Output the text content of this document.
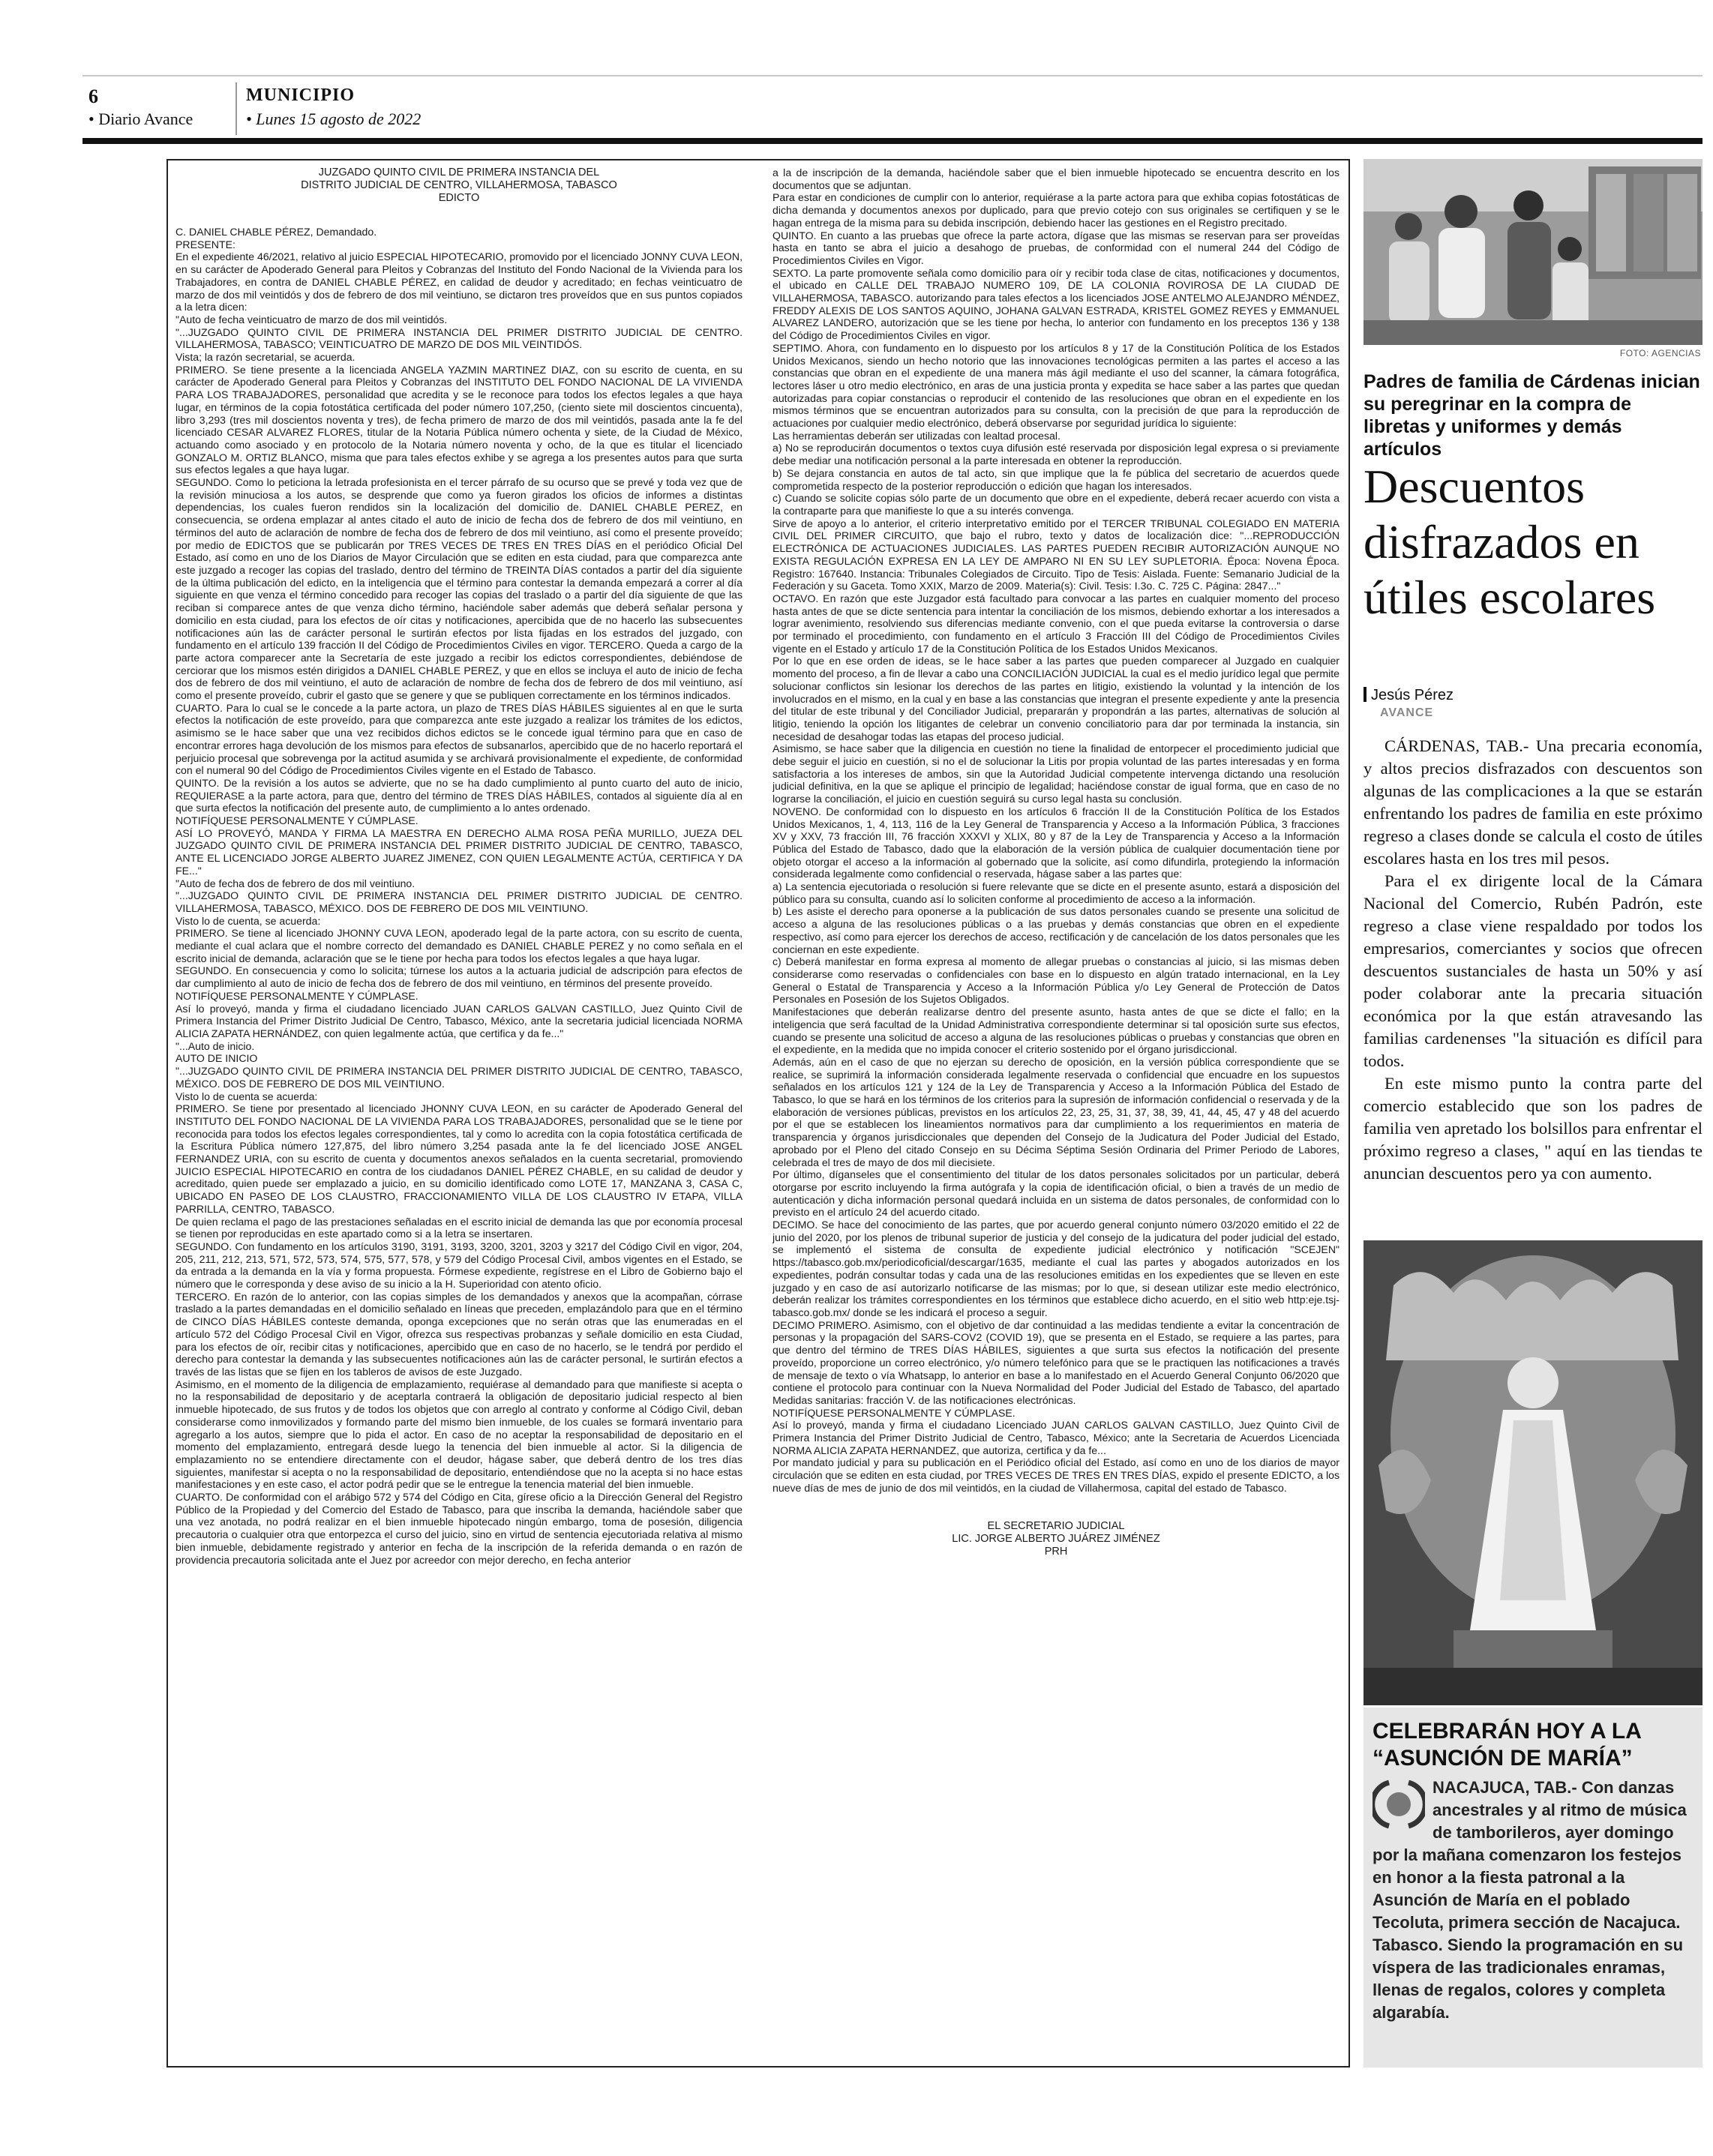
6
• Diario Avance
MUNICIPIO
• Lunes 15 agosto de 2022

JUZGADO QUINTO CIVIL DE PRIMERA INSTANCIA DEL

DISTRITO JUDICIAL DE CENTRO, VILLAHERMOSA, TABASCO

EDICTO

C. DANIEL CHABLE PÉREZ, Demandado.

PRESENTE:

En el expediente 46/2021, relativo al juicio ESPECIAL HIPOTECARIO, promovido por el licenciado JONNY CUVA LEON, en su carácter de Apoderado General para Pleitos y Cobranzas del Instituto del Fondo Nacional de la Vivienda para los Trabajadores, en contra de DANIEL CHABLE PÉREZ, en calidad de deudor y acreditado; en fechas veinticuatro de marzo de dos mil veintidós y dos de febrero de dos mil veintiuno, se dictaron tres proveídos que en sus puntos copiados a la letra dicen:

"Auto de fecha veinticuatro de marzo de dos mil veintidós.

"...JUZGADO QUINTO CIVIL DE PRIMERA INSTANCIA DEL PRIMER DISTRITO JUDICIAL DE CENTRO. VILLAHERMOSA, TABASCO; VEINTICUATRO DE MARZO DE DOS MIL VEINTIDÓS.

Vista; la razón secretarial, se acuerda.

PRIMERO. Se tiene presente a la licenciada ANGELA YAZMIN MARTINEZ DIAZ, con su escrito de cuenta, en su carácter de Apoderado General para Pleitos y Cobranzas del INSTITUTO DEL FONDO NACIONAL DE LA VIVIENDA PARA LOS TRABAJADORES, personalidad que acredita y se le reconoce para todos los efectos legales a que haya lugar, en términos de la copia fotostática certificada del poder número 107,250, (ciento siete mil doscientos cincuenta), libro 3,293 (tres mil doscientos noventa y tres), de fecha primero de marzo de dos mil veintidós, pasada ante la fe del licenciado CESAR ALVAREZ FLORES, titular de la Notaria Pública número ochenta y siete, de la Ciudad de México, actuando como asociado y en protocolo de la Notaria número noventa y ocho, de la que es titular el licenciado GONZALO M. ORTIZ BLANCO, misma que para tales efectos exhibe y se agrega a los presentes autos para que surta sus efectos legales a que haya lugar.

SEGUNDO. Como lo peticiona la letrada profesionista en el tercer párrafo de su ocurso que se prevé y toda vez que de la revisión minuciosa a los autos, se desprende que como ya fueron girados los oficios de informes a distintas dependencias, los cuales fueron rendidos sin la localización del domicilio de. DANIEL CHABLE PEREZ, en consecuencia, se ordena emplazar al antes citado el auto de inicio de fecha dos de febrero de dos mil veintiuno, en términos del auto de aclaración de nombre de fecha dos de febrero de dos mil veintiuno, así como el presente proveído; por medio de EDICTOS que se publicarán por TRES VECES DE TRES EN TRES DÍAS en el periódico Oficial Del Estado, así como en uno de los Diarios de Mayor Circulación que se editen en esta ciudad, para que comparezca ante este juzgado a recoger las copias del traslado, dentro del término de TREINTA DÍAS contados a partir del día siguiente de la última publicación del edicto, en la inteligencia que el término para contestar la demanda empezará a correr al día siguiente en que venza el término concedido para recoger las copias del traslado o a partir del día siguiente de que las reciban si comparece antes de que venza dicho término, haciéndole saber además que deberá señalar persona y domicilio en esta ciudad, para los efectos de oír citas y notificaciones, apercibida que de no hacerlo las subsecuentes notificaciones aún las de carácter personal le surtirán efectos por lista fijadas en los estrados del juzgado, con fundamento en el artículo 139 fracción II del Código de Procedimientos Civiles en vigor. TERCERO. Queda a cargo de la parte actora comparecer ante la Secretaría de este juzgado a recibir los edictos correspondientes, debiéndose de cerciorar que los mismos estén dirigidos a DANIEL CHABLE PEREZ, y que en ellos se incluya el auto de inicio de fecha dos de febrero de dos mil veintiuno, el auto de aclaración de nombre de fecha dos de febrero de dos mil veintiuno, así como el presente proveído, cubrir el gasto que se genere y que se publiquen correctamente en los términos indicados.

CUARTO. Para lo cual se le concede a la parte actora, un plazo de TRES DÍAS HÁBILES siguientes al en que le surta efectos la notificación de este proveído, para que comparezca ante este juzgado a realizar los trámites de los edictos, asimismo se le hace saber que una vez recibidos dichos edictos se le concede igual término para que en caso de encontrar errores haga devolución de los mismos para efectos de subsanarlos, apercibido que de no hacerlo reportará el perjuicio procesal que sobrevenga por la actitud asumida y se archivará provisionalmente el expediente, de conformidad con el numeral 90 del Código de Procedimientos Civiles vigente en el Estado de Tabasco.

QUINTO. De la revisión a los autos se advierte, que no se ha dado cumplimiento al punto cuarto del auto de inicio, REQUIERASE a la parte actora, para que, dentro del término de TRES DÍAS HÁBILES, contados al siguiente día al en que surta efectos la notificación del presente auto, de cumplimiento a lo antes ordenado.

NOTIFÍQUESE PERSONALMENTE Y CÚMPLASE.

ASÍ LO PROVEYÓ, MANDA Y FIRMA LA MAESTRA EN DERECHO ALMA ROSA PEÑA MURILLO, JUEZA DEL JUZGADO QUINTO CIVIL DE PRIMERA INSTANCIA DEL PRIMER DISTRITO JUDICIAL DE CENTRO, TABASCO, ANTE EL LICENCIADO JORGE ALBERTO JUAREZ JIMENEZ, CON QUIEN LEGALMENTE ACTÚA, CERTIFICA Y DA FE..."

"Auto de fecha dos de febrero de dos mil veintiuno.

"...JUZGADO QUINTO CIVIL DE PRIMERA INSTANCIA DEL PRIMER DISTRITO JUDICIAL DE CENTRO. VILLAHERMOSA, TABASCO, MÉXICO. DOS DE FEBRERO DE DOS MIL VEINTIUNO.

Visto lo de cuenta, se acuerda:

PRIMERO. Se tiene al licenciado JHONNY CUVA LEON, apoderado legal de la parte actora, con su escrito de cuenta, mediante el cual aclara que el nombre correcto del demandado es DANIEL CHABLE PEREZ y no como señala en el escrito inicial de demanda, aclaración que se le tiene por hecha para todos los efectos legales a que haya lugar.

SEGUNDO. En consecuencia y como lo solicita; túrnese los autos a la actuaria judicial de adscripción para efectos de dar cumplimiento al auto de inicio de fecha dos de febrero de dos mil veintiuno, en términos del presente proveído.

NOTIFÍQUESE PERSONALMENTE Y CÚMPLASE.

Así lo proveyó, manda y firma el ciudadano licenciado JUAN CARLOS GALVAN CASTILLO, Juez Quinto Civil de Primera Instancia del Primer Distrito Judicial De Centro, Tabasco, México, ante la secretaria judicial licenciada NORMA ALICIA ZAPATA HERNÁNDEZ, con quien legalmente actúa, que certifica y da fe..."

"...Auto de inicio.

AUTO DE INICIO

"...JUZGADO QUINTO CIVIL DE PRIMERA INSTANCIA DEL PRIMER DISTRITO JUDICIAL DE CENTRO, TABASCO, MÉXICO. DOS DE FEBRERO DE DOS MIL VEINTIUNO.

Visto lo de cuenta se acuerda:

PRIMERO. Se tiene por presentado al licenciado JHONNY CUVA LEON, en su carácter de Apoderado General del INSTITUTO DEL FONDO NACIONAL DE LA VIVIENDA PARA LOS TRABAJADORES, personalidad que se le tiene por reconocida para todos los efectos legales correspondientes, tal y como lo acredita con la copia fotostática certificada de la Escritura Pública número 127,875, del libro número 3,254 pasada ante la fe del licenciado JOSE ANGEL FERNANDEZ URIA, con su escrito de cuenta y documentos anexos señalados en la cuenta secretarial, promoviendo JUICIO ESPECIAL HIPOTECARIO en contra de los ciudadanos DANIEL PÉREZ CHABLE, en su calidad de deudor y acreditado, quien puede ser emplazado a juicio, en su domicilio identificado como LOTE 17, MANZANA 3, CASA C, UBICADO EN PASEO DE LOS CLAUSTRO, FRACCIONAMIENTO VILLA DE LOS CLAUSTRO IV ETAPA, VILLA PARRILLA, CENTRO, TABASCO.

De quien reclama el pago de las prestaciones señaladas en el escrito inicial de demanda las que por economía procesal se tienen por reproducidas en este apartado como si a la letra se insertaren.

SEGUNDO. Con fundamento en los artículos 3190, 3191, 3193, 3200, 3201, 3203 y 3217 del Código Civil en vigor, 204, 205, 211, 212, 213, 571, 572, 573, 574, 575, 577, 578, y 579 del Código Procesal Civil, ambos vigentes en el Estado, se da entrada a la demanda en la vía y forma propuesta. Fórmese expediente, regístrese en el Libro de Gobierno bajo el número que le corresponda y dese aviso de su inicio a la H. Superioridad con atento oficio.

TERCERO. En razón de lo anterior, con las copias simples de los demandados y anexos que la acompañan, córrase traslado a la partes demandadas en el domicilio señalado en líneas que preceden, emplazándolo para que en el término de CINCO DÍAS HÁBILES conteste demanda, oponga excepciones que no serán otras que las enumeradas en el artículo 572 del Código Procesal Civil en Vigor, ofrezca sus respectivas probanzas y señale domicilio en esta Ciudad, para los efectos de oír, recibir citas y notificaciones, apercibido que en caso de no hacerlo, se le tendrá por perdido el derecho para contestar la demanda y las subsecuentes notificaciones aún las de carácter personal, le surtirán efectos a través de las listas que se fijen en los tableros de avisos de este Juzgado.

Asimismo, en el momento de la diligencia de emplazamiento, requiérase al demandado para que manifieste si acepta o no la responsabilidad de depositario y de aceptarla contraerá la obligación de depositario judicial respecto al bien inmueble hipotecado, de sus frutos y de todos los objetos que con arreglo al contrato y conforme al Código Civil, deban considerarse como inmovilizados y formando parte del mismo bien inmueble, de los cuales se formará inventario para agregarlo a los autos, siempre que lo pida el actor. En caso de no aceptar la responsabilidad de depositario en el momento del emplazamiento, entregará desde luego la tenencia del bien inmueble al actor. Si la diligencia de emplazamiento no se entendiere directamente con el deudor, hágase saber, que deberá dentro de los tres días siguientes, manifestar si acepta o no la responsabilidad de depositario, entendiéndose que no la acepta si no hace estas manifestaciones y en este caso, el actor podrá pedir que se le entregue la tenencia material del bien inmueble.

CUARTO. De conformidad con el arábigo 572 y 574 del Código en Cita, gírese oficio a la Dirección General del Registro Público de la Propiedad y del Comercio del Estado de Tabasco, para que inscriba la demanda, haciéndole saber que una vez anotada, no podrá realizar en el bien inmueble hipotecado ningún embargo, toma de posesión, diligencia precautoria o cualquier otra que entorpezca el curso del juicio, sino en virtud de sentencia ejecutoriada relativa al mismo bien inmueble, debidamente registrado y anterior en fecha de la inscripción de la referida demanda o en razón de providencia precautoria solicitada ante el Juez por acreedor con mejor derecho, en fecha anterior

a la de inscripción de la demanda, haciéndole saber que el bien inmueble hipotecado se encuentra descrito en los documentos que se adjuntan.

Para estar en condiciones de cumplir con lo anterior, requiérase a la parte actora para que exhiba copias fotostáticas de dicha demanda y documentos anexos por duplicado, para que previo cotejo con sus originales se certifiquen y se le hagan entrega de la misma para su debida inscripción, debiendo hacer las gestiones en el Registro precitado.

QUINTO. En cuanto a las pruebas que ofrece la parte actora, dígase que las mismas se reservan para ser proveídas hasta en tanto se abra el juicio a desahogo de pruebas, de conformidad con el numeral 244 del Código de Procedimientos Civiles en Vigor.

SEXTO. La parte promovente señala como domicilio para oír y recibir toda clase de citas, notificaciones y documentos, el ubicado en CALLE DEL TRABAJO NUMERO 109, DE LA COLONIA ROVIROSA DE LA CIUDAD DE VILLAHERMOSA, TABASCO. autorizando para tales efectos a los licenciados JOSE ANTELMO ALEJANDRO MÉNDEZ, FREDDY ALEXIS DE LOS SANTOS AQUINO, JOHANA GALVAN ESTRADA, KRISTEL GOMEZ REYES y EMMANUEL ALVAREZ LANDERO, autorización que se les tiene por hecha, lo anterior con fundamento en los preceptos 136 y 138 del Código de Procedimientos Civiles en vigor.

SEPTIMO. Ahora, con fundamento en lo dispuesto por los artículos 8 y 17 de la Constitución Política de los Estados Unidos Mexicanos, siendo un hecho notorio que las innovaciones tecnológicas permiten a las partes el acceso a las constancias que obran en el expediente de una manera más ágil mediante el uso del scanner, la cámara fotográfica, lectores láser u otro medio electrónico, en aras de una justicia pronta y expedita se hace saber a las partes que quedan autorizadas para copiar constancias o reproducir el contenido de las resoluciones que obran en el expediente en los mismos términos que se encuentran autorizados para su consulta, con la precisión de que para la reproducción de actuaciones por cualquier medio electrónico, deberá observarse por seguridad jurídica lo siguiente:

Las herramientas deberán ser utilizadas con lealtad procesal.

a) No se reproducirán documentos o textos cuya difusión esté reservada por disposición legal expresa o si previamente debe mediar una notificación personal a la parte interesada en obtener la reproducción.

b) Se dejara constancia en autos de tal acto, sin que implique que la fe pública del secretario de acuerdos quede comprometida respecto de la posterior reproducción o edición que hagan los interesados.

c) Cuando se solicite copias sólo parte de un documento que obre en el expediente, deberá recaer acuerdo con vista a la contraparte para que manifieste lo que a su interés convenga.

Sirve de apoyo a lo anterior, el criterio interpretativo emitido por el TERCER TRIBUNAL COLEGIADO EN MATERIA CIVIL DEL PRIMER CIRCUITO, que bajo el rubro, texto y datos de localización dice: "...REPRODUCCIÓN ELECTRÓNICA DE ACTUACIONES JUDICIALES. LAS PARTES PUEDEN RECIBIR AUTORIZACIÓN AUNQUE NO EXISTA REGULACIÓN EXPRESA EN LA LEY DE AMPARO NI EN SU LEY SUPLETORIA. Época: Novena Época. Registro: 167640. Instancia: Tribunales Colegiados de Circuito. Tipo de Tesis: Aislada. Fuente: Semanario Judicial de la Federación y su Gaceta. Tomo XXIX, Marzo de 2009. Materia(s): Civil. Tesis: I.3o. C. 725 C. Página: 2847..."

OCTAVO. En razón que este Juzgador está facultado para convocar a las partes en cualquier momento del proceso hasta antes de que se dicte sentencia para intentar la conciliación de los mismos, debiendo exhortar a los interesados a lograr avenimiento, resolviendo sus diferencias mediante convenio, con el que pueda evitarse la controversia o darse por terminado el procedimiento, con fundamento en el artículo 3 Fracción III del Código de Procedimientos Civiles vigente en el Estado y artículo 17 de la Constitución Política de los Estados Unidos Mexicanos.

Por lo que en ese orden de ideas, se le hace saber a las partes que pueden comparecer al Juzgado en cualquier momento del proceso, a fin de llevar a cabo una CONCILIACIÓN JUDICIAL la cual es el medio jurídico legal que permite solucionar conflictos sin lesionar los derechos de las partes en litigio, existiendo la voluntad y la intención de los involucrados en el mismo, en la cual y en base a las constancias que integran el presente expediente y ante la presencia del titular de este tribunal y del Conciliador Judicial, prepararán y propondrán a las partes, alternativas de solución al litigio, teniendo la opción los litigantes de celebrar un convenio conciliatorio para dar por terminada la instancia, sin necesidad de desahogar todas las etapas del proceso judicial.

Asimismo, se hace saber que la diligencia en cuestión no tiene la finalidad de entorpecer el procedimiento judicial que debe seguir el juicio en cuestión, si no el de solucionar la Litis por propia voluntad de las partes interesadas y en forma satisfactoria a los intereses de ambos, sin que la Autoridad Judicial competente intervenga dictando una resolución judicial definitiva, en la que se aplique el principio de legalidad; haciéndose constar de igual forma, que en caso de no lograrse la conciliación, el juicio en cuestión seguirá su curso legal hasta su conclusión.

NOVENO. De conformidad con lo dispuesto en los artículos 6 fracción II de la Constitución Política de los Estados Unidos Mexicanos, 1, 4, 113, 116 de la Ley General de Transparencia y Acceso a la Información Pública, 3 fracciones XV y XXV, 73 fracción III, 76 fracción XXXVI y XLIX, 80 y 87 de la Ley de Transparencia y Acceso a la Información Pública del Estado de Tabasco, dado que la elaboración de la versión pública de cualquier documentación tiene por objeto otorgar el acceso a la información al gobernado que la solicite, así como difundirla, protegiendo la información considerada legalmente como confidencial o reservada, hágase saber a las partes que:

a) La sentencia ejecutoriada o resolución si fuere relevante que se dicte en el presente asunto, estará a disposición del público para su consulta, cuando así lo soliciten conforme al procedimiento de acceso a la información.

b) Les asiste el derecho para oponerse a la publicación de sus datos personales cuando se presente una solicitud de acceso a alguna de las resoluciones públicas o a las pruebas y demás constancias que obren en el expediente respectivo, así como para ejercer los derechos de acceso, rectificación y de cancelación de los datos personales que les conciernan en este expediente.

c) Deberá manifestar en forma expresa al momento de allegar pruebas o constancias al juicio, si las mismas deben considerarse como reservadas o confidenciales con base en lo dispuesto en algún tratado internacional, en la Ley General o Estatal de Transparencia y Acceso a la Información Pública y/o Ley General de Protección de Datos Personales en Posesión de los Sujetos Obligados.

Manifestaciones que deberán realizarse dentro del presente asunto, hasta antes de que se dicte el fallo; en la inteligencia que será facultad de la Unidad Administrativa correspondiente determinar si tal oposición surte sus efectos, cuando se presente una solicitud de acceso a alguna de las resoluciones públicas o pruebas y constancias que obren en el expediente, en la medida que no impida conocer el criterio sostenido por el órgano jurisdiccional.

Además, aún en el caso de que no ejerzan su derecho de oposición, en la versión pública correspondiente que se realice, se suprimirá la información considerada legalmente reservada o confidencial que encuadre en los supuestos señalados en los artículos 121 y 124 de la Ley de Transparencia y Acceso a la Información Pública del Estado de Tabasco, lo que se hará en los términos de los criterios para la supresión de información confidencial o reservada y de la elaboración de versiones públicas, previstos en los artículos 22, 23, 25, 31, 37, 38, 39, 41, 44, 45, 47 y 48 del acuerdo por el que se establecen los lineamientos normativos para dar cumplimiento a los requerimientos en materia de transparencia y órganos jurisdiccionales que dependen del Consejo de la Judicatura del Poder Judicial del Estado, aprobado por el Pleno del citado Consejo en su Décima Séptima Sesión Ordinaria del Primer Periodo de Labores, celebrada el tres de mayo de dos mil diecisiete.

Por último, díganseles que el consentimiento del titular de los datos personales solicitados por un particular, deberá otorgarse por escrito incluyendo la firma autógrafa y la copia de identificación oficial, o bien a través de un medio de autenticación y dicha información personal quedará incluida en un sistema de datos personales, de conformidad con lo previsto en el artículo 24 del acuerdo citado.

DECIMO. Se hace del conocimiento de las partes, que por acuerdo general conjunto número 03/2020 emitido el 22 de junio del 2020, por los plenos de tribunal superior de justicia y del consejo de la judicatura del poder judicial del estado, se implementó el sistema de consulta de expediente judicial electrónico y notificación "SCEJEN" https://tabasco.gob.mx/periodicoficial/descargar/1635, mediante el cual las partes y abogados autorizados en los expedientes, podrán consultar todas y cada una de las resoluciones emitidas en los expedientes que se lleven en este juzgado y en caso de así autorizarlo notificarse de las mismas; por lo que, si desean utilizar este medio electrónico, deberán realizar los trámites correspondientes en los términos que establece dicho acuerdo, en el sitio web http:eje.tsj-tabasco.gob.mx/ donde se les indicará el proceso a seguir.

DECIMO PRIMERO. Asimismo, con el objetivo de dar continuidad a las medidas tendiente a evitar la concentración de personas y la propagación del SARS-COV2 (COVID 19), que se presenta en el Estado, se requiere a las partes, para que dentro del término de TRES DÍAS HÁBILES, siguientes a que surta sus efectos la notificación del presente proveído, proporcione un correo electrónico, y/o número telefónico para que se le practiquen las notificaciones a través de mensaje de texto o vía Whatsapp, lo anterior en base a lo manifestado en el Acuerdo General Conjunto 06/2020 que contiene el protocolo para continuar con la Nueva Normalidad del Poder Judicial del Estado de Tabasco, del apartado Medidas sanitarias: fracción V. de las notificaciones electrónicas.

NOTIFÍQUESE PERSONALMENTE Y CÚMPLASE.

Así lo proveyó, manda y firma el ciudadano Licenciado JUAN CARLOS GALVAN CASTILLO, Juez Quinto Civil de Primera Instancia del Primer Distrito Judicial de Centro, Tabasco, México; ante la Secretaria de Acuerdos Licenciada NORMA ALICIA ZAPATA HERNANDEZ, que autoriza, certifica y da fe...

Por mandato judicial y para su publicación en el Periódico oficial del Estado, así como en uno de los diarios de mayor circulación que se editen en esta ciudad, por TRES VECES DE TRES EN TRES DÍAS, expido el presente EDICTO, a los nueve días de mes de junio de dos mil veintidós, en la ciudad de Villahermosa, capital del estado de Tabasco.

EL SECRETARIO JUDICIAL

LIC. JORGE ALBERTO JUÁREZ JIMÉNEZ

PRH

FOTO: AGENCIAS
Padres de familia de Cárdenas inician su peregrinar en la compra de libretas y uniformes y demás artículos
Descuentos disfrazados en útiles escolares
Jesús Pérez
AVANCE

CÁRDENAS, TAB.- Una precaria economía, y altos precios disfrazados con descuentos son algunas de las complicaciones a la que se estarán enfrentando los padres de familia en este próximo regreso a clases donde se calcula el costo de útiles escolares hasta en los tres mil pesos.

Para el ex dirigente local de la Cámara Nacional del Comercio, Rubén Padrón, este regreso a clase viene respaldado por todos los empresarios, comerciantes y socios que ofrecen descuentos sustanciales de hasta un 50% y así poder colaborar ante la precaria situación económica por la que están atravesando las familias cardenenses "la situación es difícil para todos.

En este mismo punto la contra parte del comercio establecido que son los padres de familia ven apretado los bolsillos para enfrentar el próximo regreso a clases, " aquí en las tiendas te anuncian descuentos pero ya con aumento.

CELEBRARÁN HOY A LA “ASUNCIÓN DE MARÍA”
NACAJUCA, TAB.- Con danzas ancestrales y al ritmo de música de tamborileros, ayer domingo por la mañana comenzaron los festejos en honor a la fiesta patronal a la Asunción de María en el poblado Tecoluta, primera sección de Nacajuca. Tabasco. Siendo la programación en su víspera de las tradicionales enramas, llenas de regalos, colores y completa algarabía.
